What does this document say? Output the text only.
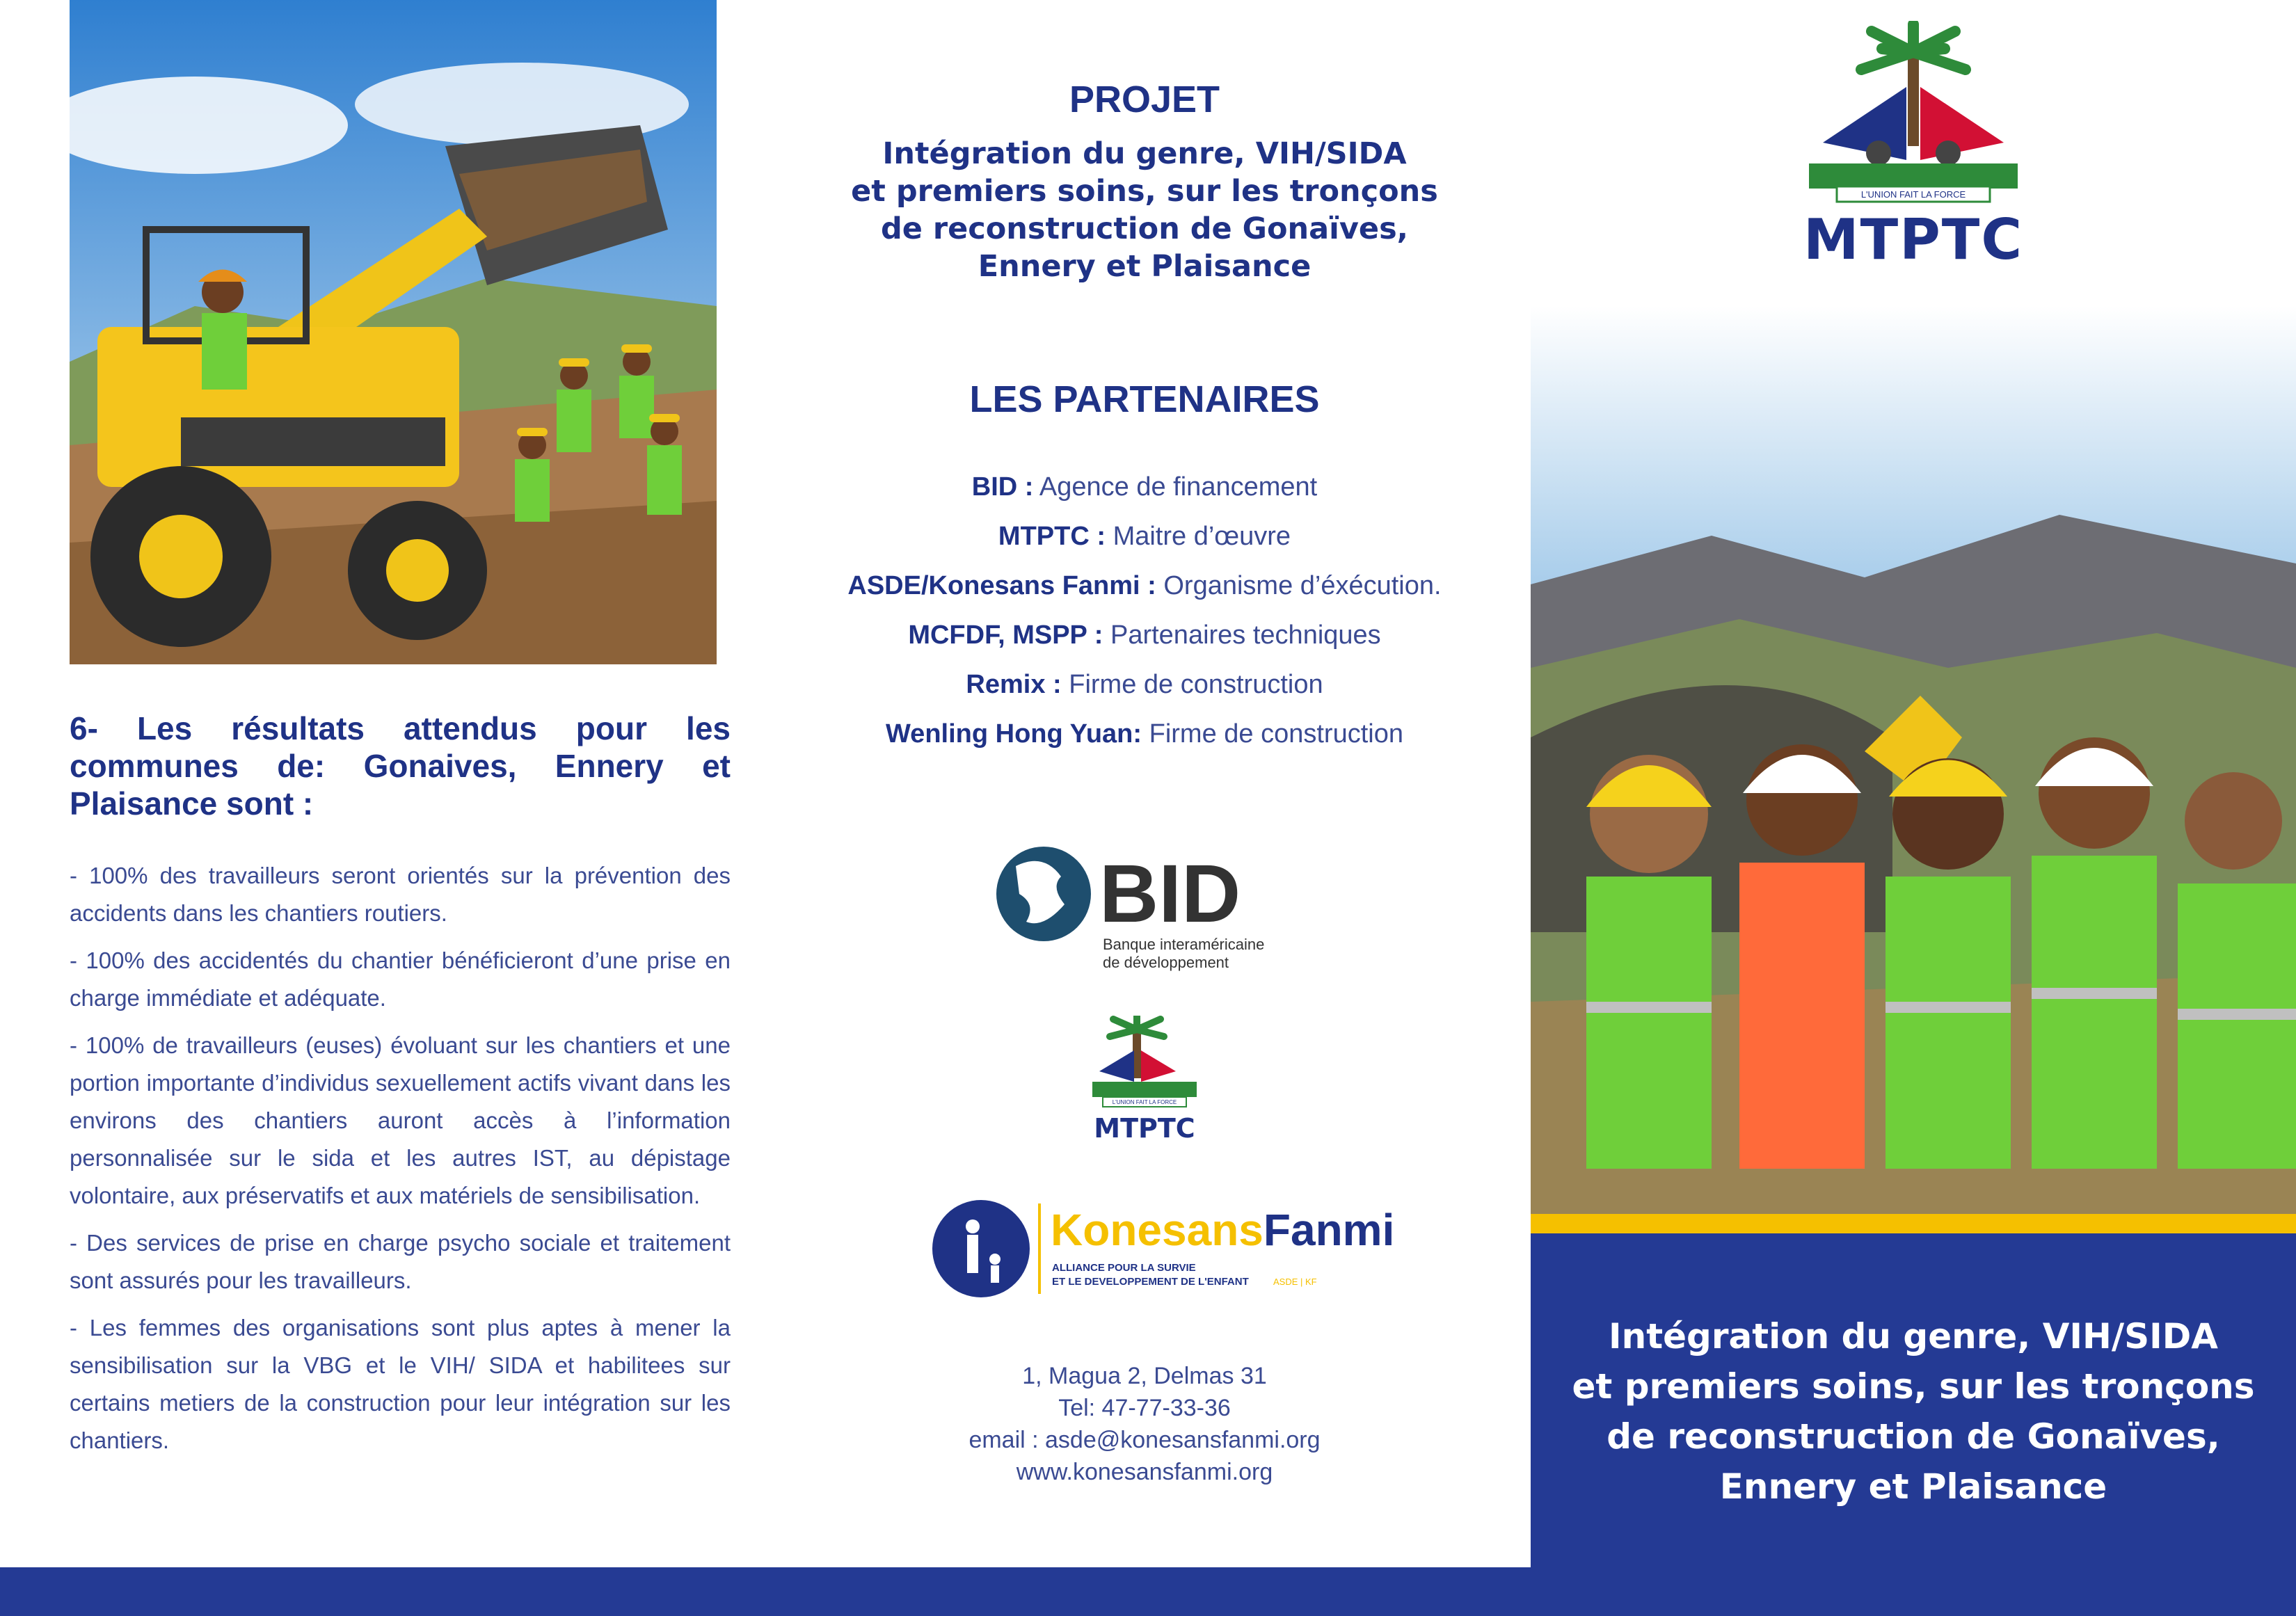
6- Les résultats attendus pour les communes de: Gonaives, Ennery et Plaisance sont :

- 100% des travailleurs seront orientés sur la prévention des accidents dans les chantiers routiers.

- 100% des accidentés du chantier bénéficieront d’une prise en charge immédiate et adéquate.

- 100% de travailleurs (euses) évoluant sur les chantiers et une portion importante d’individus sexuellement actifs vivant dans les environs des chantiers auront accès à l’information personnalisée sur le sida et les autres IST, au dépistage volontaire, aux préservatifs et aux matériels de sensibilisation.

- Des services de prise en charge psycho sociale et traitement sont assurés pour les travailleurs.

- Les femmes des organisations sont plus aptes à mener la sensibilisation sur la VBG et le VIH/ SIDA et habilitees sur certains metiers de la construction pour leur intégration sur les chantiers.

PROJET
Intégration du genre, VIH/SIDA
et premiers soins, sur les tronçons
de reconstruction de Gonaïves,
Ennery et Plaisance
LES PARTENAIRES
BID : Agence de financement
MTPTC : Maitre d’œuvre
ASDE/Konesans Fanmi : Organisme d’éxécution.
MCFDF, MSPP : Partenaires techniques
Remix : Firme de construction
Wenling Hong Yuan: Firme de construction
BID
Banque interaméricaine
de développement
L'UNION FAIT LA FORCE
MTPTC
KonesansFanmi
ALLIANCE POUR LA SURVIE
ET LE DEVELOPPEMENT DE L'ENFANT	ASDE | KF
1, Magua 2, Delmas 31
Tel: 47-77-33-36
email : asde@konesansfanmi.org
www.konesansfanmi.org
L'UNION FAIT LA FORCE
MTPTC
Intégration du genre, VIH/SIDA
et premiers soins, sur les tronçons
de reconstruction de Gonaïves,
Ennery et Plaisance
